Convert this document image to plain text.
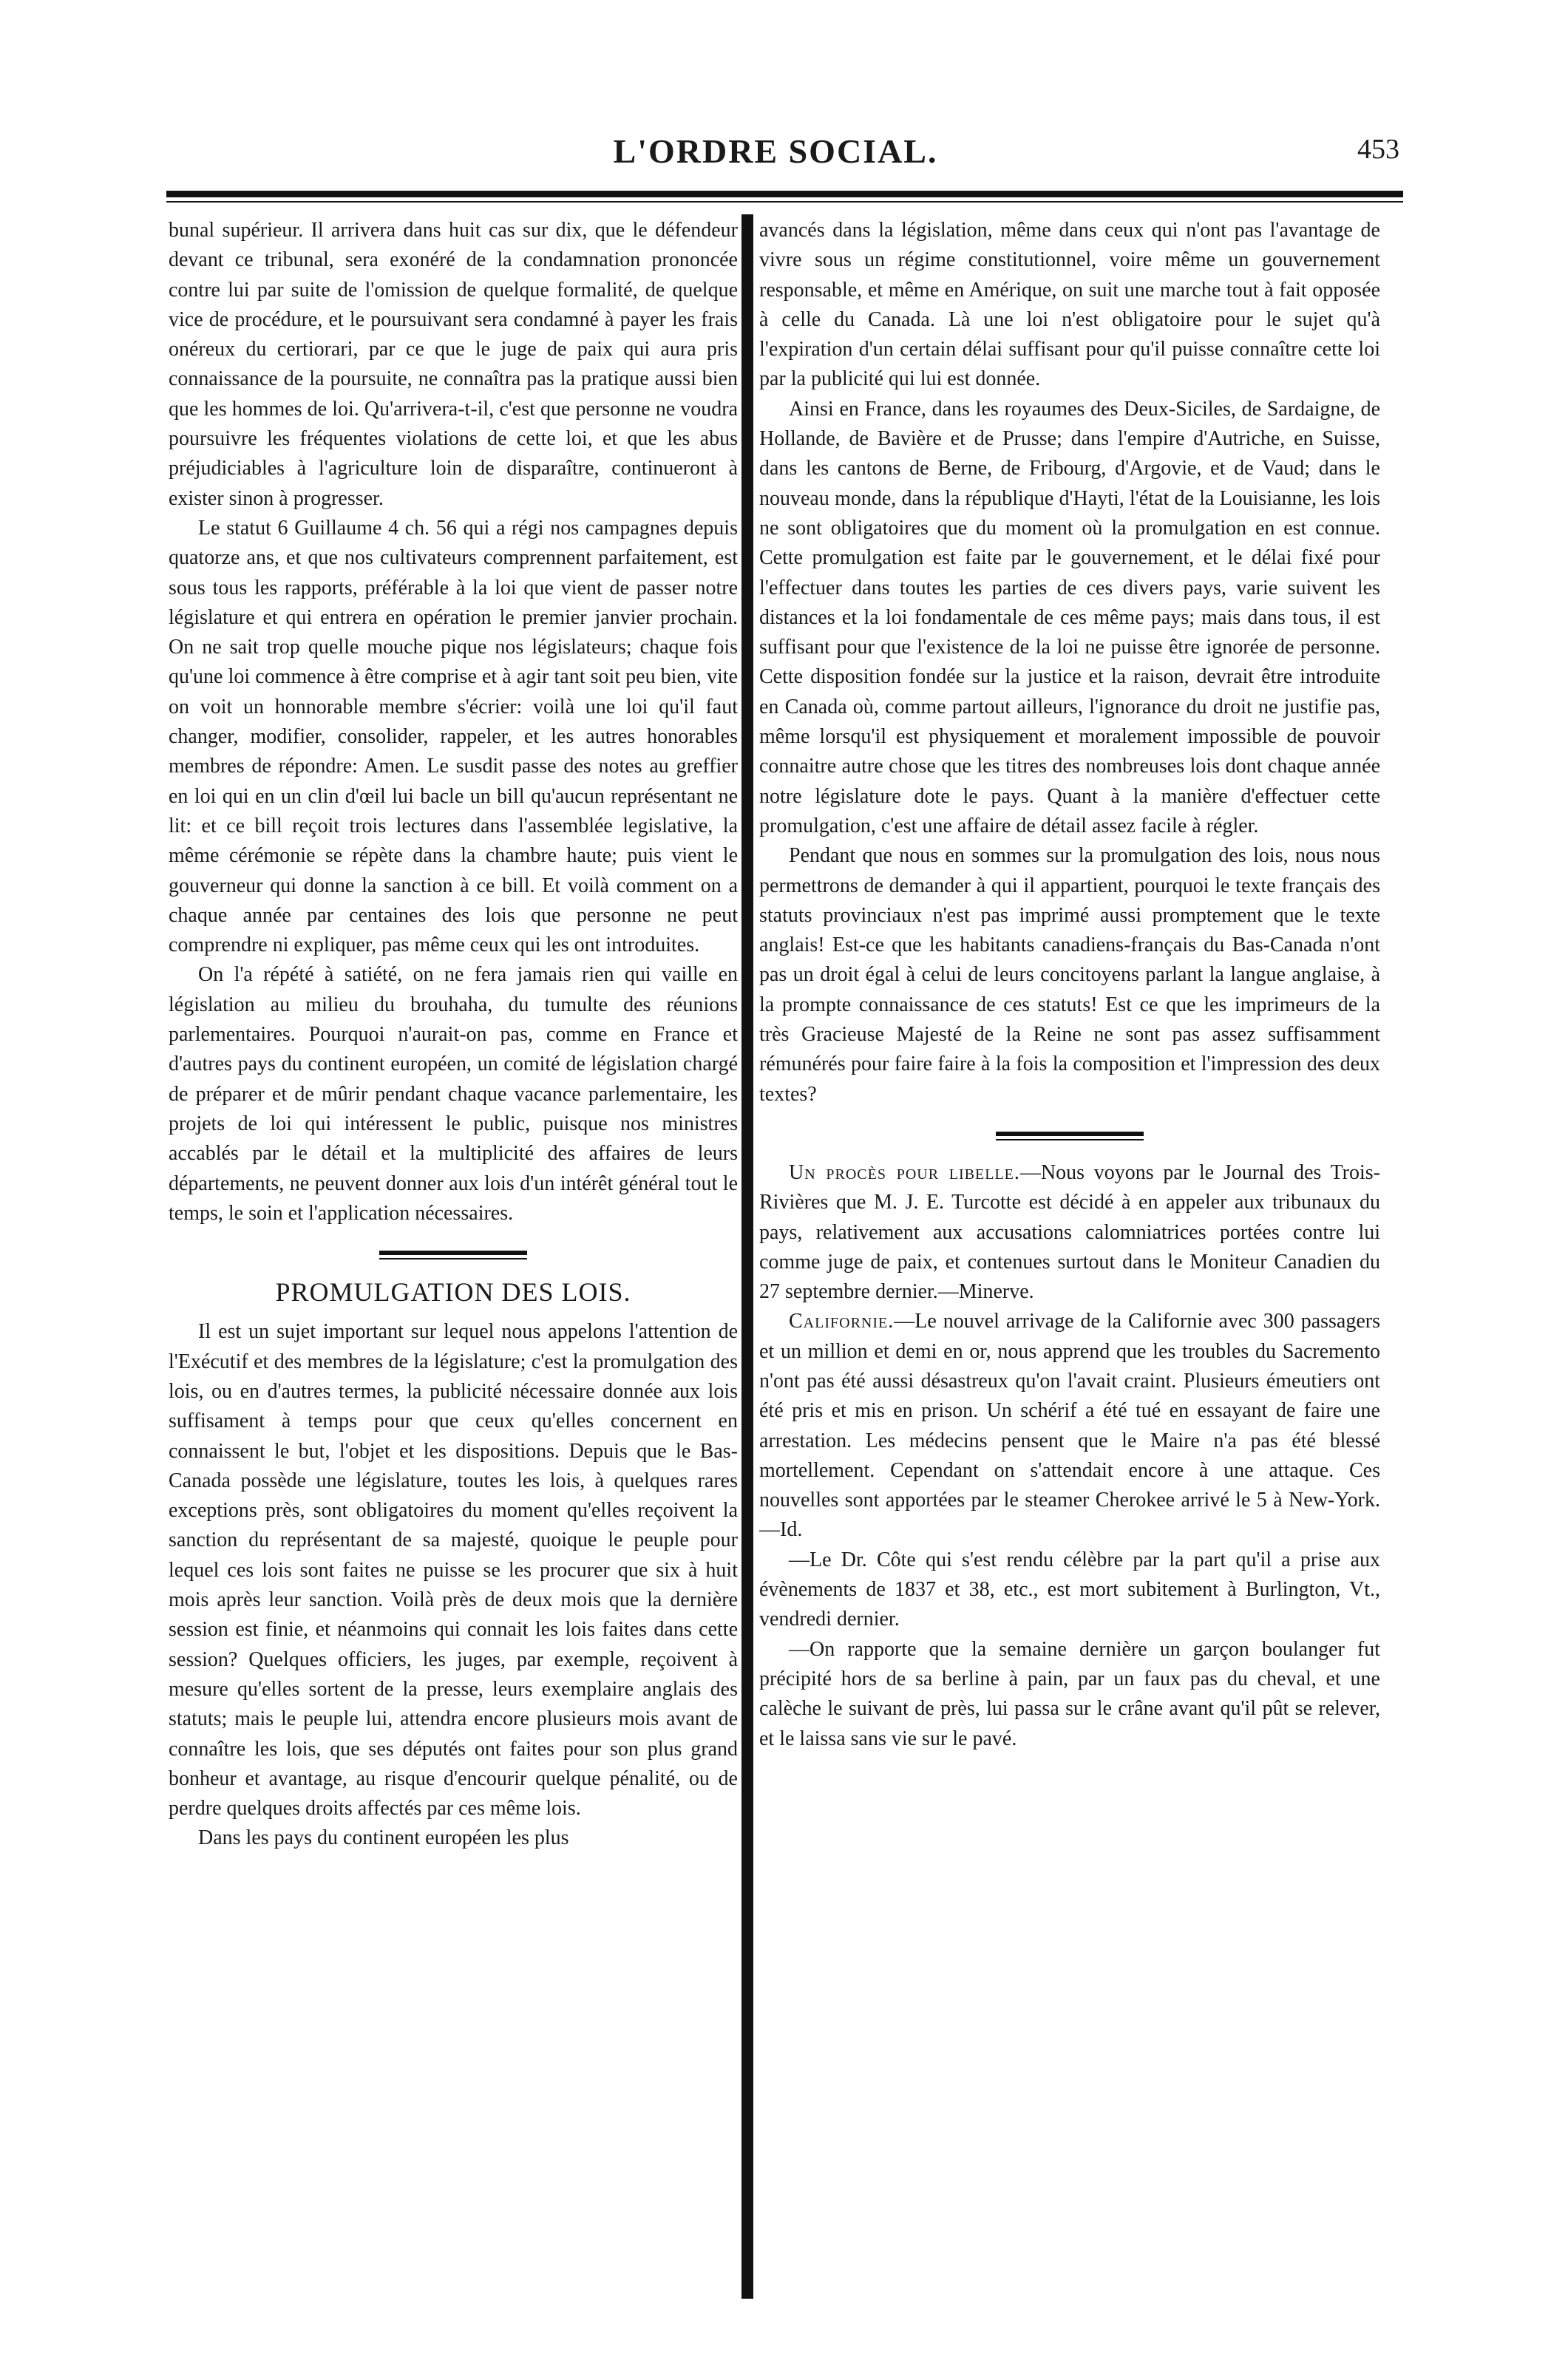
L'ORDRE SOCIAL.	453

bunal supérieur. Il arrivera dans huit cas sur dix, que le défendeur devant ce tribunal, sera exonéré de la condamnation prononcée contre lui par suite de l'omission de quelque formalité, de quelque vice de procédure, et le poursuivant sera condamné à payer les frais onéreux du certiorari, par ce que le juge de paix qui aura pris connaissance de la poursuite, ne connaîtra pas la pratique aussi bien que les hommes de loi. Qu'arrivera-t-il, c'est que personne ne voudra poursuivre les fréquentes violations de cette loi, et que les abus préjudiciables à l'agriculture loin de disparaître, continueront à exister sinon à progresser.

Le statut 6 Guillaume 4 ch. 56 qui a régi nos campagnes depuis quatorze ans, et que nos cultivateurs comprennent parfaitement, est sous tous les rapports, préférable à la loi que vient de passer notre législature et qui entrera en opération le premier janvier prochain. On ne sait trop quelle mouche pique nos législateurs; chaque fois qu'une loi commence à être comprise et à agir tant soit peu bien, vite on voit un honnorable membre s'écrier: voilà une loi qu'il faut changer, modifier, consolider, rappeler, et les autres honorables membres de répondre: Amen. Le susdit passe des notes au greffier en loi qui en un clin d'œil lui bacle un bill qu'aucun représentant ne lit: et ce bill reçoit trois lectures dans l'assemblée legislative, la même cérémonie se répète dans la chambre haute; puis vient le gouverneur qui donne la sanction à ce bill. Et voilà comment on a chaque année par centaines des lois que personne ne peut comprendre ni expliquer, pas même ceux qui les ont introduites.

On l'a répété à satiété, on ne fera jamais rien qui vaille en législation au milieu du brouhaha, du tumulte des réunions parlementaires. Pourquoi n'aurait-on pas, comme en France et d'autres pays du continent européen, un comité de législation chargé de préparer et de mûrir pendant chaque vacance parlementaire, les projets de loi qui intéressent le public, puisque nos ministres accablés par le détail et la multiplicité des affaires de leurs départements, ne peuvent donner aux lois d'un intérêt général tout le temps, le soin et l'application nécessaires.

PROMULGATION DES LOIS.

Il est un sujet important sur lequel nous appelons l'attention de l'Exécutif et des membres de la législature; c'est la promulgation des lois, ou en d'autres termes, la publicité nécessaire donnée aux lois suffisament à temps pour que ceux qu'elles concernent en connaissent le but, l'objet et les dispositions. Depuis que le Bas-Canada possède une législature, toutes les lois, à quelques rares exceptions près, sont obligatoires du moment qu'elles reçoivent la sanction du représentant de sa majesté, quoique le peuple pour lequel ces lois sont faites ne puisse se les procurer que six à huit mois après leur sanction. Voilà près de deux mois que la dernière session est finie, et néanmoins qui connait les lois faites dans cette session? Quelques officiers, les juges, par exemple, reçoivent à mesure qu'elles sortent de la presse, leurs exemplaire anglais des statuts; mais le peuple lui, attendra encore plusieurs mois avant de connaître les lois, que ses députés ont faites pour son plus grand bonheur et avantage, au risque d'encourir quelque pénalité, ou de perdre quelques droits affectés par ces même lois.

Dans les pays du continent européen les plus

avancés dans la législation, même dans ceux qui n'ont pas l'avantage de vivre sous un régime constitutionnel, voire même un gouvernement responsable, et même en Amérique, on suit une marche tout à fait opposée à celle du Canada. Là une loi n'est obligatoire pour le sujet qu'à l'expiration d'un certain délai suffisant pour qu'il puisse connaître cette loi par la publicité qui lui est donnée.

Ainsi en France, dans les royaumes des Deux-Siciles, de Sardaigne, de Hollande, de Bavière et de Prusse; dans l'empire d'Autriche, en Suisse, dans les cantons de Berne, de Fribourg, d'Argovie, et de Vaud; dans le nouveau monde, dans la république d'Hayti, l'état de la Louisianne, les lois ne sont obligatoires que du moment où la promulgation en est connue. Cette promulgation est faite par le gouvernement, et le délai fixé pour l'effectuer dans toutes les parties de ces divers pays, varie suivent les distances et la loi fondamentale de ces même pays; mais dans tous, il est suffisant pour que l'existence de la loi ne puisse être ignorée de personne. Cette disposition fondée sur la justice et la raison, devrait être introduite en Canada où, comme partout ailleurs, l'ignorance du droit ne justifie pas, même lorsqu'il est physiquement et moralement impossible de pouvoir connaitre autre chose que les titres des nombreuses lois dont chaque année notre législature dote le pays. Quant à la manière d'effectuer cette promulgation, c'est une affaire de détail assez facile à régler.

Pendant que nous en sommes sur la promulgation des lois, nous nous permettrons de demander à qui il appartient, pourquoi le texte français des statuts provinciaux n'est pas imprimé aussi promptement que le texte anglais! Est-ce que les habitants canadiens-français du Bas-Canada n'ont pas un droit égal à celui de leurs concitoyens parlant la langue anglaise, à la prompte connaissance de ces statuts! Est ce que les imprimeurs de la très Gracieuse Majesté de la Reine ne sont pas assez suffisamment rémunérés pour faire faire à la fois la composition et l'impression des deux textes?

Un procès pour libelle.—Nous voyons par le Journal des Trois-Rivières que M. J. E. Turcotte est décidé à en appeler aux tribunaux du pays, relativement aux accusations calomniatrices portées contre lui comme juge de paix, et contenues surtout dans le Moniteur Canadien du 27 septembre dernier.—Minerve.

Californie.—Le nouvel arrivage de la Californie avec 300 passagers et un million et demi en or, nous apprend que les troubles du Sacremento n'ont pas été aussi désastreux qu'on l'avait craint. Plusieurs émeutiers ont été pris et mis en prison. Un schérif a été tué en essayant de faire une arrestation. Les médecins pensent que le Maire n'a pas été blessé mortellement. Cependant on s'attendait encore à une attaque. Ces nouvelles sont apportées par le steamer Cherokee arrivé le 5 à New-York.—Id.

—Le Dr. Côte qui s'est rendu célèbre par la part qu'il a prise aux évènements de 1837 et 38, etc., est mort subitement à Burlington, Vt., vendredi dernier.

—On rapporte que la semaine dernière un garçon boulanger fut précipité hors de sa berline à pain, par un faux pas du cheval, et une calèche le suivant de près, lui passa sur le crâne avant qu'il pût se relever, et le laissa sans vie sur le pavé.
